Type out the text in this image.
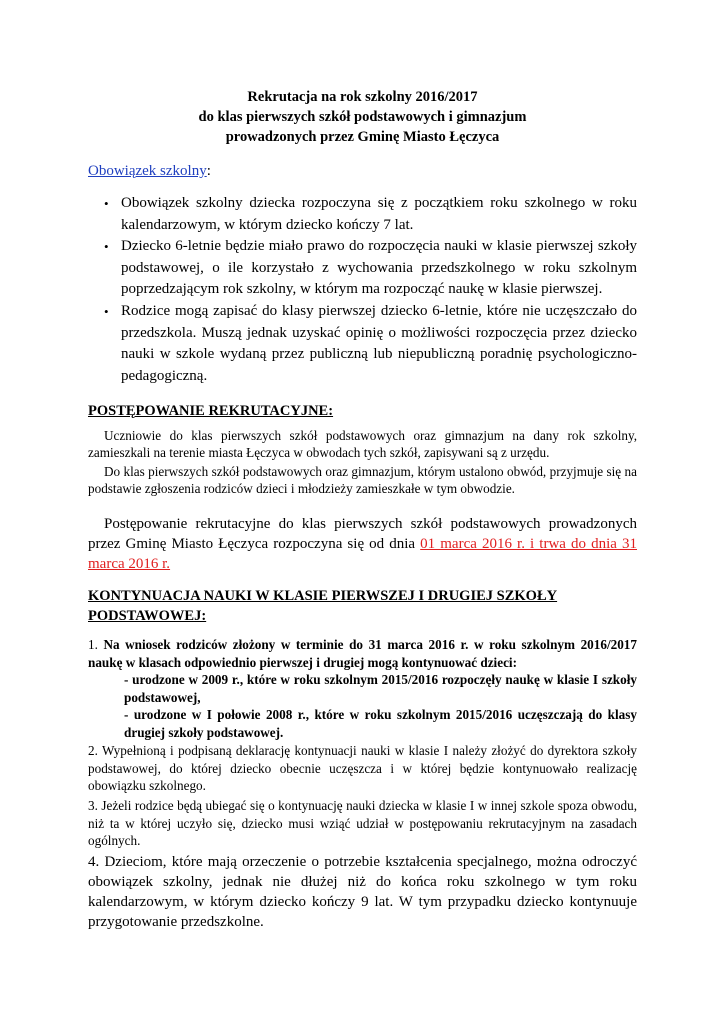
Rekrutacja na rok szkolny 2016/2017
do klas pierwszych szkół podstawowych i gimnazjum
prowadzonych przez Gminę Miasto Łęczyca
Obowiązek szkolny:

• Obowiązek szkolny dziecka rozpoczyna się z początkiem roku szkolnego w roku kalendarzowym, w którym dziecko kończy 7 lat.

• Dziecko 6-letnie będzie miało prawo do rozpoczęcia nauki w klasie pierwszej szkoły podstawowej, o ile korzystało z wychowania przedszkolnego w roku szkolnym poprzedzającym rok szkolny, w którym ma rozpocząć naukę w klasie pierwszej.

• Rodzice mogą zapisać do klasy pierwszej dziecko 6-letnie, które nie uczęszczało do przedszkola. Muszą jednak uzyskać opinię o możliwości rozpoczęcia przez dziecko nauki w szkole wydaną przez publiczną lub niepubliczną poradnię psychologiczno-pedagogiczną.

POSTĘPOWANIE REKRUTACYJNE:
Uczniowie do klas pierwszych szkół podstawowych oraz gimnazjum na dany rok szkolny, zamieszkali na terenie miasta Łęczyca w obwodach tych szkół, zapisywani są z urzędu.
Do klas pierwszych szkół podstawowych oraz gimnazjum, którym ustalono obwód, przyjmuje się na podstawie zgłoszenia rodziców dzieci i młodzieży zamieszkałe w tym obwodzie.
Postępowanie rekrutacyjne do klas pierwszych szkół podstawowych prowadzonych przez Gminę Miasto Łęczyca rozpoczyna się od dnia 01 marca 2016 r. i trwa do dnia 31 marca 2016 r.
KONTYNUACJA NAUKI W KLASIE PIERWSZEJ I DRUGIEJ SZKOŁY PODSTAWOWEJ:

1. Na wniosek rodziców złożony w terminie do 31 marca 2016 r. w roku szkolnym 2016/2017 naukę w klasach odpowiednio pierwszej i drugiej mogą kontynuować dzieci:

- urodzone w 2009 r., które w roku szkolnym 2015/2016 rozpoczęły naukę w klasie I szkoły podstawowej,

- urodzone w I połowie 2008 r., które w roku szkolnym 2015/2016 uczęszczają do klasy drugiej szkoły podstawowej.

2. Wypełnioną i podpisaną deklarację kontynuacji nauki w klasie I należy złożyć do dyrektora szkoły podstawowej, do której dziecko obecnie uczęszcza i w której będzie kontynuowało realizację obowiązku szkolnego.
3. Jeżeli rodzice będą ubiegać się o kontynuację nauki dziecka w klasie I w innej szkole spoza obwodu, niż ta w której uczyło się, dziecko musi wziąć udział w postępowaniu rekrutacyjnym na zasadach ogólnych.
4. Dzieciom, które mają orzeczenie o potrzebie kształcenia specjalnego, można odroczyć obowiązek szkolny, jednak nie dłużej niż do końca roku szkolnego w tym roku kalendarzowym, w którym dziecko kończy 9 lat. W tym przypadku dziecko kontynuuje przygotowanie przedszkolne.
